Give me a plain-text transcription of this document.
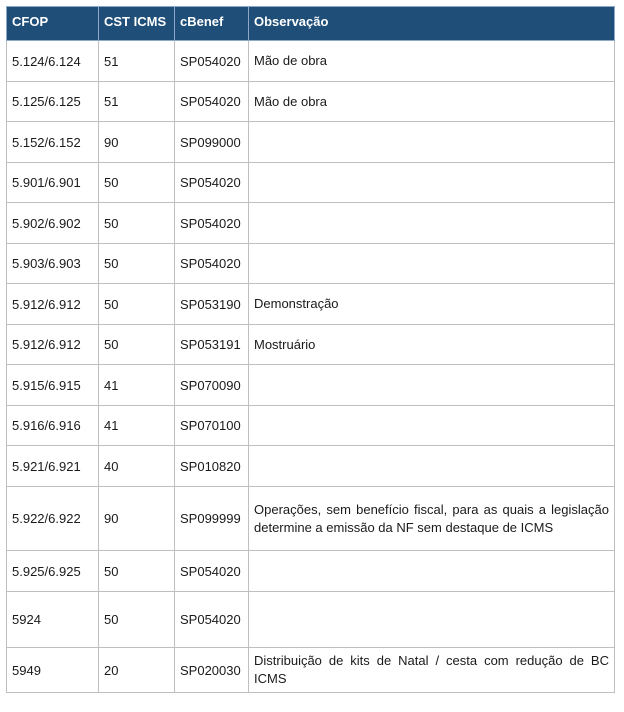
CFOP	CST ICMS	cBenef	Observação
5.124/6.124	51	SP054020	Mão de obra
5.125/6.125	51	SP054020	Mão de obra
5.152/6.152	90	SP099000	
5.901/6.901	50	SP054020	
5.902/6.902	50	SP054020	
5.903/6.903	50	SP054020	
5.912/6.912	50	SP053190	Demonstração
5.912/6.912	50	SP053191	Mostruário
5.915/6.915	41	SP070090	
5.916/6.916	41	SP070100	
5.921/6.921	40	SP010820	
5.922/6.922	90	SP099999	Operações, sem benefício fiscal, para as quais a legislação determine a emissão da NF sem destaque de ICMS
5.925/6.925	50	SP054020	
5924	50	SP054020	
5949	20	SP020030	Distribuição de kits de Natal / cesta com redução de BC ICMS
